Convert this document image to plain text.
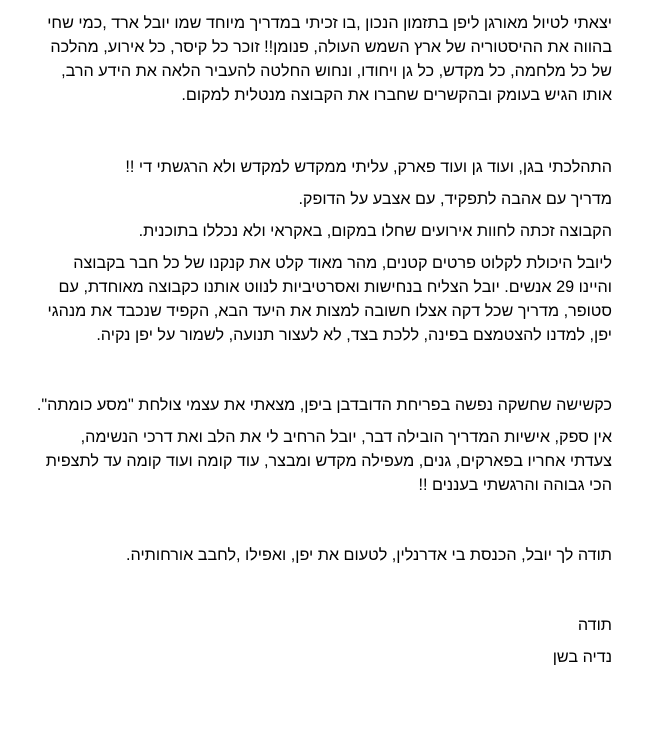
יצאתי לטיול מאורגן ליפן בתזמון הנכון ,בו זכיתי במדריך מיוחד שמו יובל ארד ,כמי שחי בהווה את ההיסטוריה של ארץ השמש העולה, פנומן!! זוכר כל קיסר, כל אירוע, מהלכה של כל מלחמה, כל מקדש, כל גן ויחודו, ונחוש החלטה להעביר הלאה את הידע הרב, אותו הגיש בעומק ובהקשרים שחברו את הקבוצה מנטלית למקום.

התהלכתי בגן, ועוד גן ועוד פארק, עליתי ממקדש למקדש ולא הרגשתי די !!

מדריך עם אהבה לתפקיד, עם אצבע על הדופק.

הקבוצה זכתה לחוות אירועים שחלו במקום, באקראי ולא נכללו בתוכנית.

ליובל היכולת לקלוט פרטים קטנים, מהר מאוד קלט את קנקנו של כל חבר בקבוצה והיינו 29 אנשים. יובל הצליח בנחישות ואסרטיביות לנווט אותנו כקבוצה מאוחדת, עם סטופר, מדריך שכל דקה אצלו חשובה למצות את היעד הבא, הקפיד שנכבד את מנהגי יפן, למדנו להצטמצם בפינה, ללכת בצד, לא לעצור תנועה, לשמור על יפן נקיה.

כקשישה שחשקה נפשה בפריחת הדובדבן ביפן, מצאתי את עצמי צולחת "מסע כומתה".

אין ספק, אישיות המדריך הובילה דבר, יובל הרחיב לי את הלב ואת דרכי הנשימה, צעדתי אחריו בפארקים, גנים, מעפילה מקדש ומבצר, עוד קומה ועוד קומה עד לתצפית הכי גבוהה והרגשתי בעננים !!

תודה לך יובל, הכנסת בי אדרנלין, לטעום את יפן, ואפילו ,לחבב אורחותיה.

תודה

נדיה בשן
